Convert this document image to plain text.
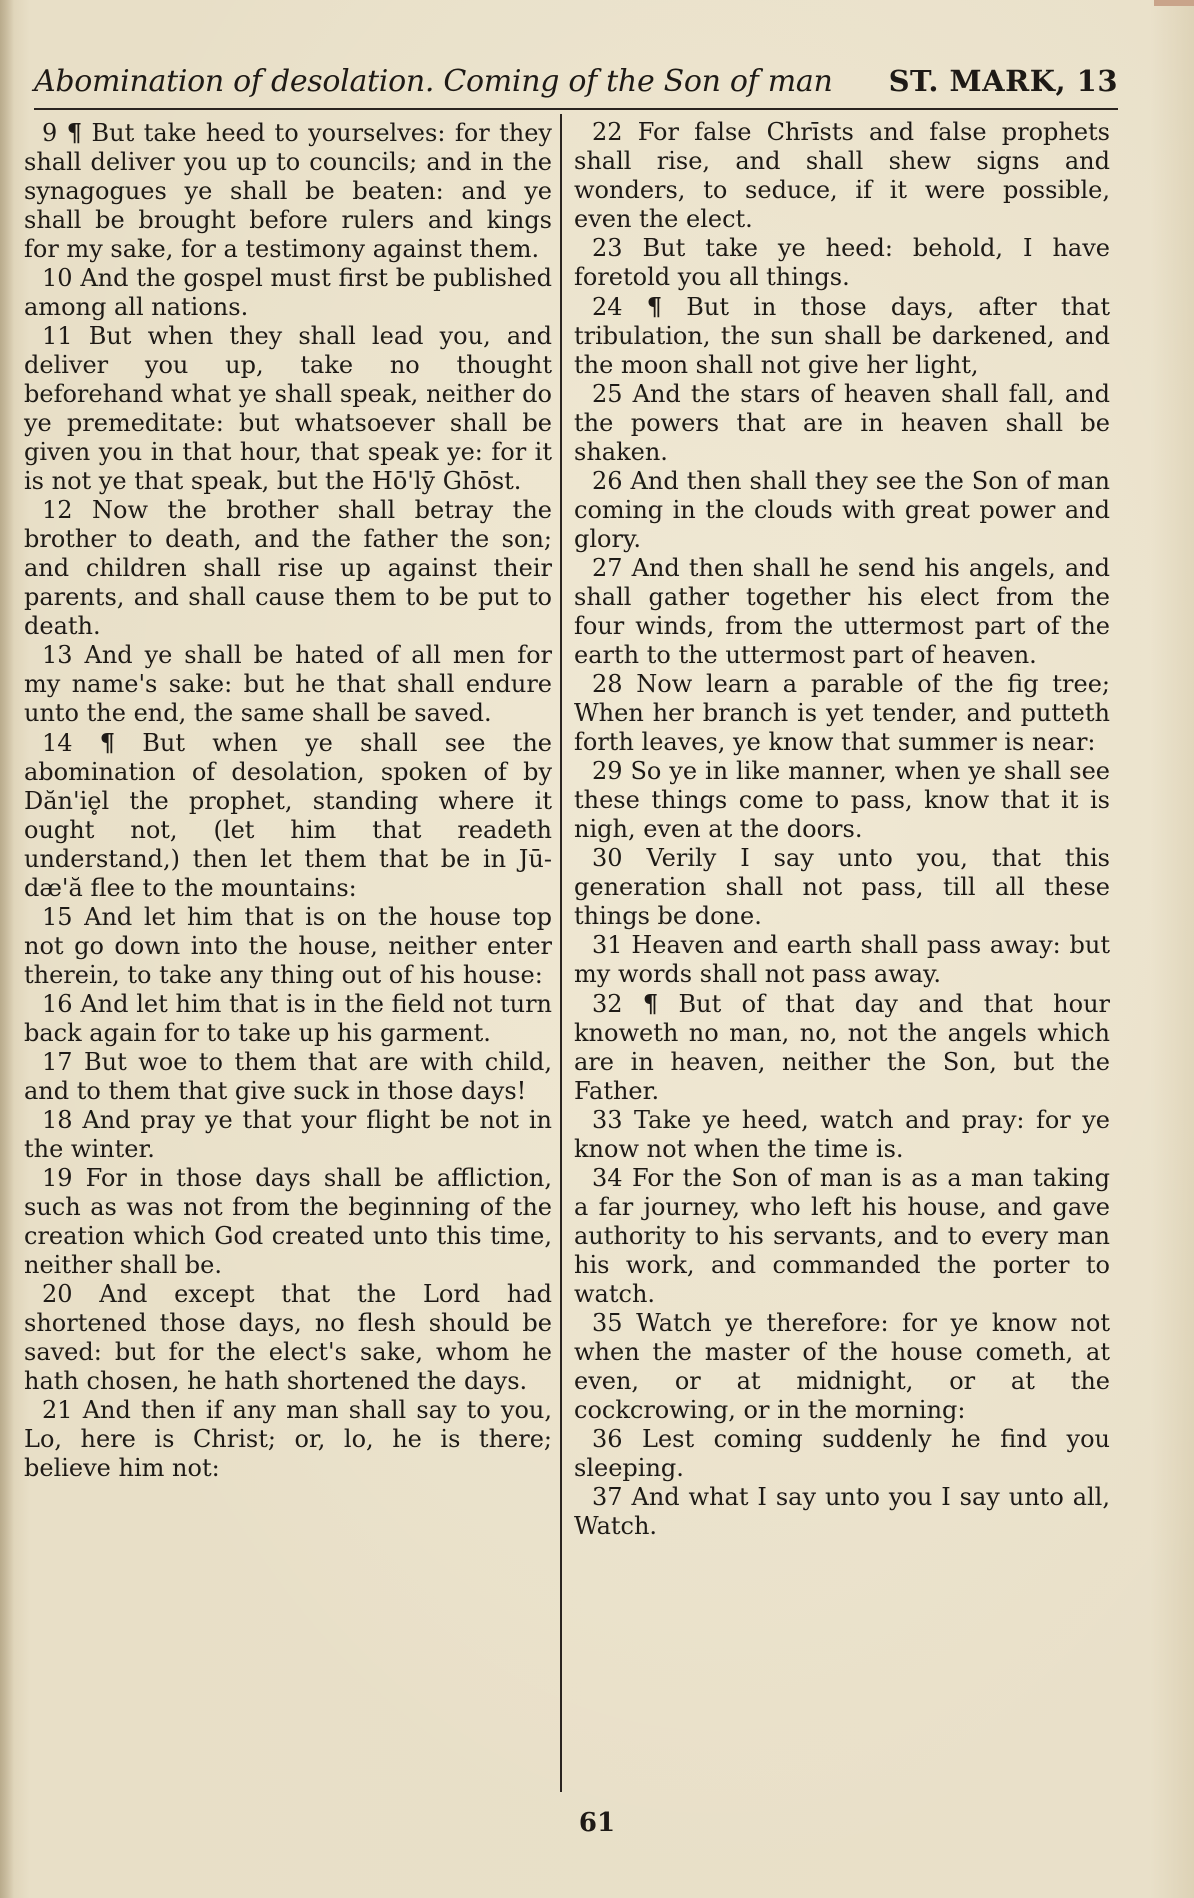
Abomination of desolation. Coming of the Son of man ST. MARK, 13

9 ¶ But take heed to yourselves: for they shall deliver you up to councils; and in the synagogues ye shall be beaten: and ye shall be brought before rulers and kings for my sake, for a testimony against them.

10 And the gospel must first be published among all nations.

11 But when they shall lead you, and deliver you up, take no thought beforehand what ye shall speak, neither do ye premeditate: but whatsoever shall be given you in that hour, that speak ye: for it is not ye that speak, but the Hō'lȳ Ghōst.

12 Now the brother shall betray the brother to death, and the father the son; and children shall rise up against their parents, and shall cause them to be put to death.

13 And ye shall be hated of all men for my name's sake: but he that shall endure unto the end, the same shall be saved.

14 ¶ But when ye shall see the abomination of desolation, spoken of by Dăn'ie̥l the prophet, standing where it ought not, (let him that readeth understand,) then let them that be in Jū-dæ'ă flee to the mountains:

15 And let him that is on the house top not go down into the house, neither enter therein, to take any thing out of his house:

16 And let him that is in the field not turn back again for to take up his garment.

17 But woe to them that are with child, and to them that give suck in those days!

18 And pray ye that your flight be not in the winter.

19 For in those days shall be affliction, such as was not from the beginning of the creation which God created unto this time, neither shall be.

20 And except that the Lord had shortened those days, no flesh should be saved: but for the elect's sake, whom he hath chosen, he hath shortened the days.

21 And then if any man shall say to you, Lo, here is Christ; or, lo, he is there; believe him not:

22 For false Chrīsts and false prophets shall rise, and shall shew signs and wonders, to seduce, if it were possible, even the elect.

23 But take ye heed: behold, I have foretold you all things.

24 ¶ But in those days, after that tribulation, the sun shall be darkened, and the moon shall not give her light,

25 And the stars of heaven shall fall, and the powers that are in heaven shall be shaken.

26 And then shall they see the Son of man coming in the clouds with great power and glory.

27 And then shall he send his angels, and shall gather together his elect from the four winds, from the uttermost part of the earth to the uttermost part of heaven.

28 Now learn a parable of the fig tree; When her branch is yet tender, and putteth forth leaves, ye know that summer is near:

29 So ye in like manner, when ye shall see these things come to pass, know that it is nigh, even at the doors.

30 Verily I say unto you, that this generation shall not pass, till all these things be done.

31 Heaven and earth shall pass away: but my words shall not pass away.

32 ¶ But of that day and that hour knoweth no man, no, not the angels which are in heaven, neither the Son, but the Father.

33 Take ye heed, watch and pray: for ye know not when the time is.

34 For the Son of man is as a man taking a far journey, who left his house, and gave authority to his servants, and to every man his work, and commanded the porter to watch.

35 Watch ye therefore: for ye know not when the master of the house cometh, at even, or at midnight, or at the cockcrowing, or in the morning:

36 Lest coming suddenly he find you sleeping.

37 And what I say unto you I say unto all, Watch.

61
